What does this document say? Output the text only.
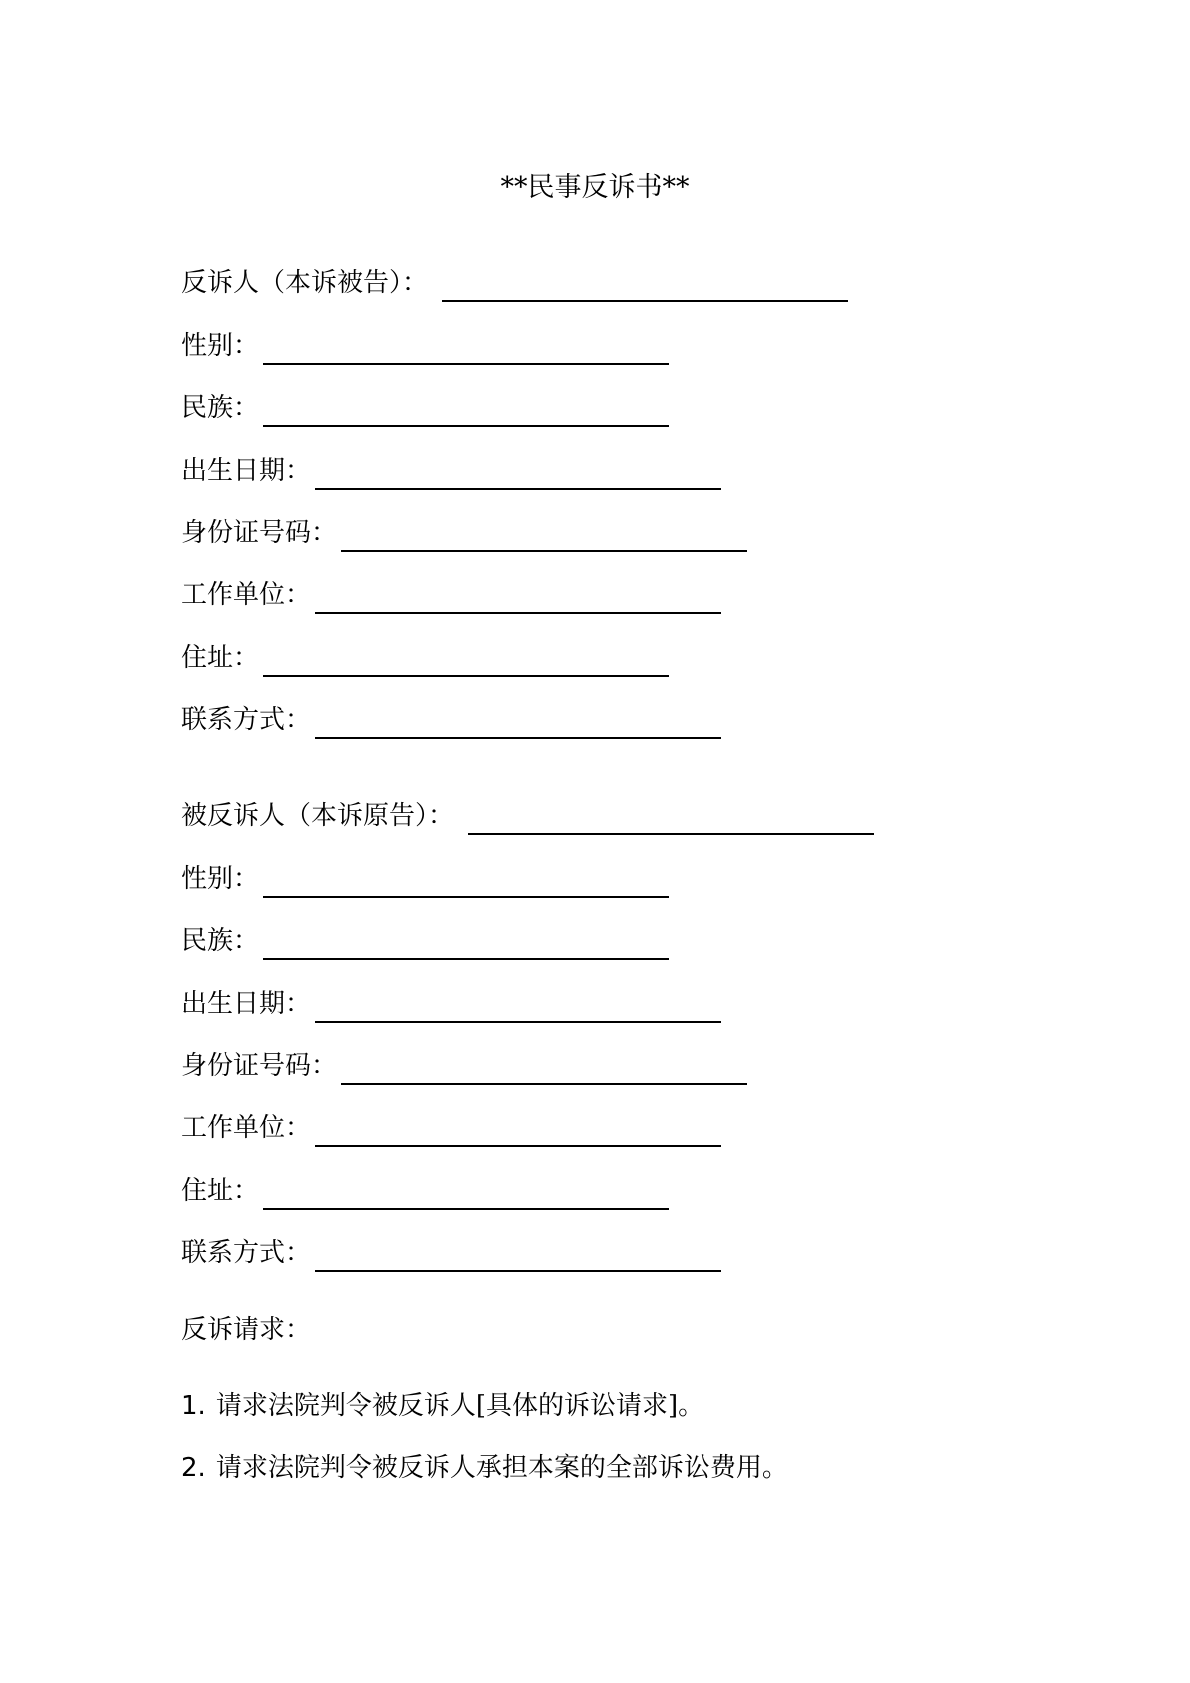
**民事反诉书**
反诉人（本诉被告）：
性别：
民族：
出生日期：
身份证号码：
工作单位：
住址：
联系方式：
被反诉人（本诉原告）：
性别：
民族：
出生日期：
身份证号码：
工作单位：
住址：
联系方式：
反诉请求：
1. 请求法院判令被反诉人[具体的诉讼请求]。
2. 请求法院判令被反诉人承担本案的全部诉讼费用。
